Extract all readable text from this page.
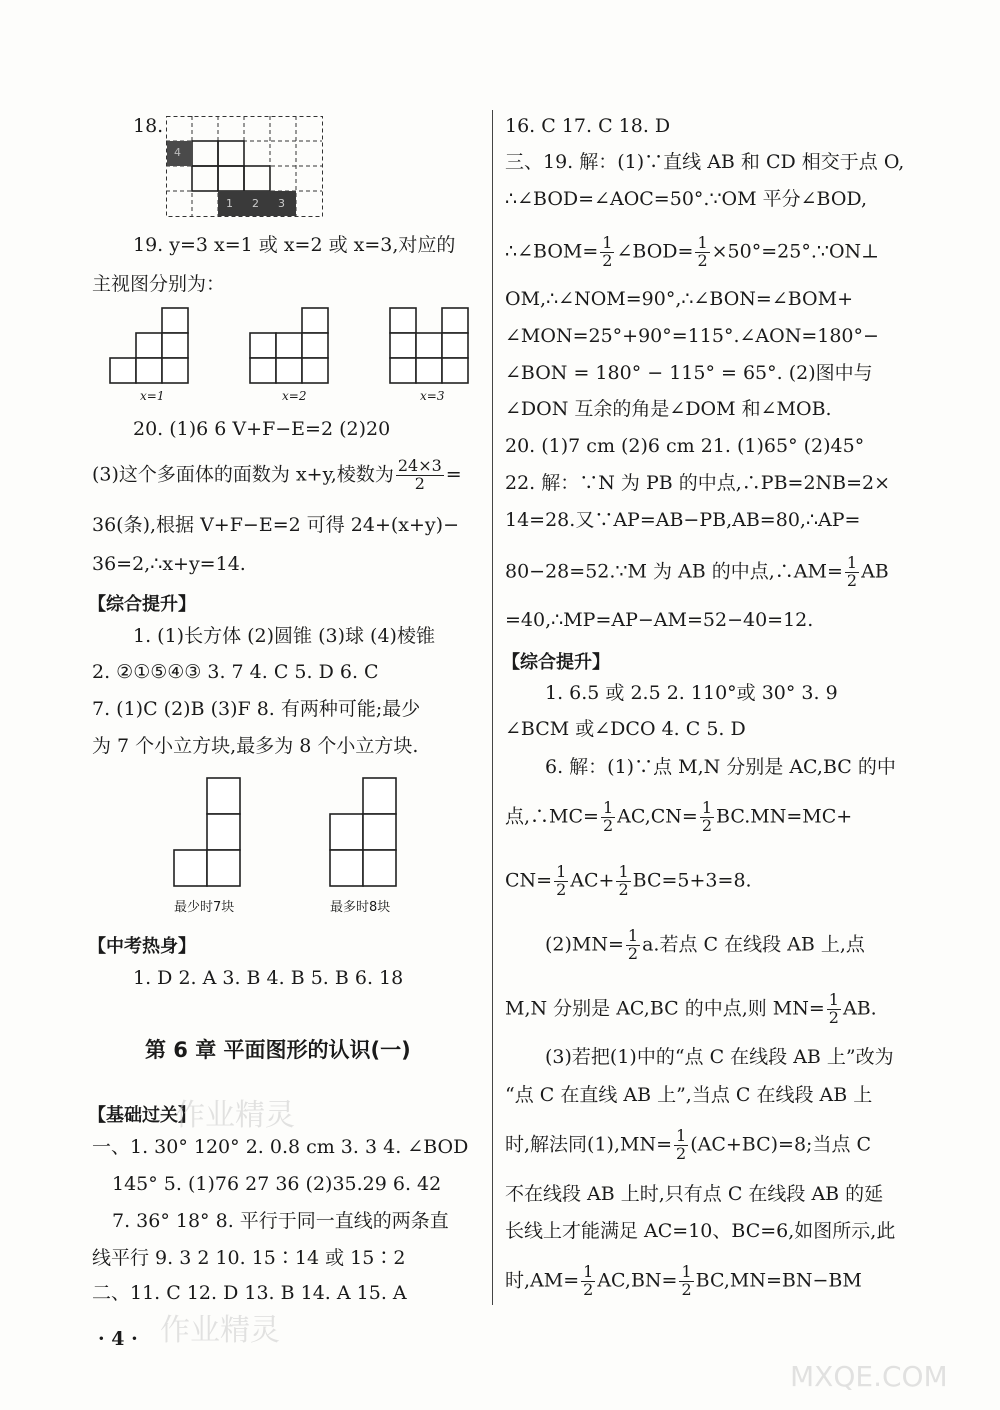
18.
4
1 2 3
19. y=3 x=1 或 x=2 或 x=3,对应的
主视图分别为：
x=1	x=2	x=3
20. (1)6 6 V+F−E=2 (2)20
(3)这个多面体的面数为 x+y,棱数为 $\frac{24\times 3}{2}$ =
36(条),根据 V+F−E=2 可得 24+(x+y)−
36=2,∴x+y=14.
【综合提升】
1. (1)长方体 (2)圆锥 (3)球 (4)棱锥
2. ②①⑤④③ 3. 7 4. C 5. D 6. C
7. (1)C (2)B (3)F 8. 有两种可能;最少
为 7 个小立方块,最多为 8 个小立方块.
最少时7块	最多时8块
【中考热身】
1. D 2. A 3. B 4. B 5. B 6. 18
第 6 章 平面图形的认识(一)
【基础过关】
一、1. 30° 120° 2. 0.8 cm 3. 3 4. ∠BOD
145° 5. (1)76 27 36 (2)35.29 6. 42
7. 36° 18° 8. 平行于同一直线的两条直
线平行 9. 3 2 10. 15∶14 或 15∶2
二、11. C 12. D 13. B 14. A 15. A
· 4 ·
16. C 17. C 18. D
三、19. 解：(1)∵直线 AB 和 CD 相交于点 O,
∴∠BOD=∠AOC=50°.∵OM 平分∠BOD,
∴∠BOM= $\frac{1}{2}$ ∠BOD= $\frac{1}{2}$ ×50°=25°.∵ON⊥
OM,∴∠NOM=90°,∴∠BON=∠BOM+
∠MON=25°+90°=115°.∠AON=180°−
∠BON = 180° − 115° = 65°. (2)图中与
∠DON 互余的角是∠DOM 和∠MOB.
20. (1)7 cm (2)6 cm 21. (1)65° (2)45°
22. 解：∵N 为 PB 的中点,∴PB=2NB=2×
14=28.又∵AP=AB−PB,AB=80,∴AP=
80−28=52.∵M 为 AB 的中点,∴AM= $\frac{1}{2}$ AB
=40,∴MP=AP−AM=52−40=12.
【综合提升】
1. 6.5 或 2.5 2. 110°或 30° 3. 9
∠BCM 或∠DCO 4. C 5. D
6. 解：(1)∵点 M,N 分别是 AC,BC 的中
点,∴MC= $\frac{1}{2} AC,CN= \frac{1}{2} BC.MN=MC+$
$CN= \frac{1}{2} AC+ \frac{1}{2} BC=5+3=8$.
$(2)MN= \frac{1}{2} a$.若点 C 在线段 AB 上,点
M,N 分别是 AC,BC 的中点,则 $MN= \frac{1}{2}$ AB.
(3)若把(1)中的“点 C 在线段 AB 上”改为
“点 C 在直线 AB 上”,当点 C 在线段 AB 上
时,解法同$(1),MN= \frac{1}{2} (AC+BC)=8$;当点 C
不在线段 AB 上时,只有点 C 在线段 AB 的延
长线上才能满足 AC=10、BC=6,如图所示,此
时$,AM= \frac{1}{2} AC,BN= \frac{1}{2} BC,MN=BN-BM$
作业精灵
作业精灵
MXQE.COM
